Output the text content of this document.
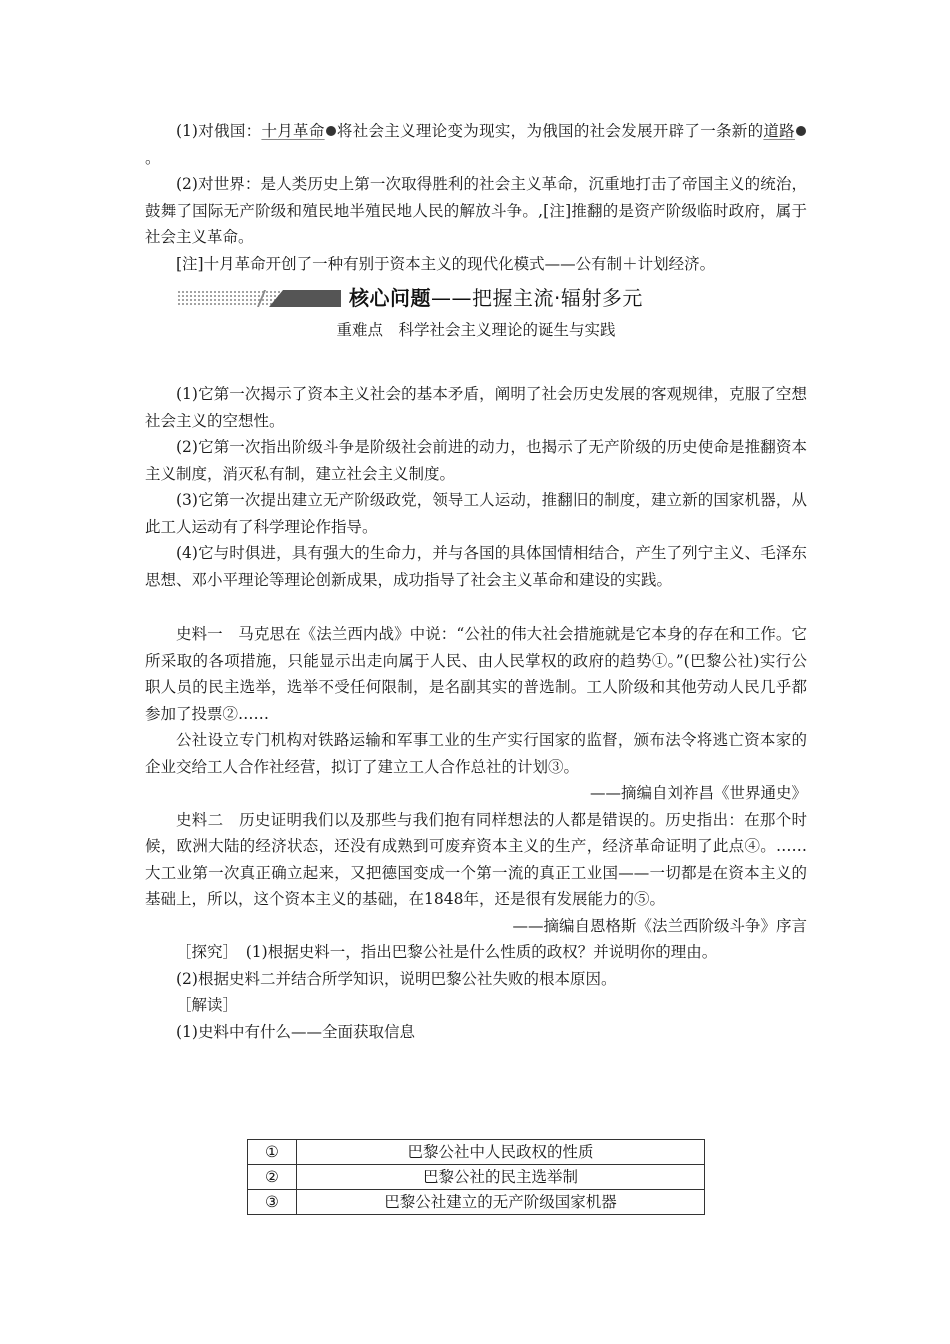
(1)对俄国：十月革命 将社会主义理论变为现实，为俄国的社会发展开辟了一条新的道路。

(2)对世界：是人类历史上第一次取得胜利的社会主义革命，沉重地打击了帝国主义的统治，鼓舞了国际无产阶级和殖民地半殖民地人民的解放斗争。,[注]推翻的是资产阶级临时政府，属于社会主义革命。

[注]十月革命开创了一种有别于资本主义的现代化模式——公有制＋计划经济。

核心问题——把握主流·辐射多元

重难点　科学社会主义理论的诞生与实践

(1)它第一次揭示了资本主义社会的基本矛盾，阐明了社会历史发展的客观规律，克服了空想社会主义的空想性。

(2)它第一次指出阶级斗争是阶级社会前进的动力，也揭示了无产阶级的历史使命是推翻资本主义制度，消灭私有制，建立社会主义制度。

(3)它第一次提出建立无产阶级政党，领导工人运动，推翻旧的制度，建立新的国家机器，从此工人运动有了科学理论作指导。

(4)它与时俱进，具有强大的生命力，并与各国的具体国情相结合，产生了列宁主义、毛泽东思想、邓小平理论等理论创新成果，成功指导了社会主义革命和建设的实践。

史料一　马克思在《法兰西内战》中说：“公社的伟大社会措施就是它本身的存在和工作。它所采取的各项措施，只能显示出走向属于人民、由人民掌权的政府的趋势①。”(巴黎公社)实行公职人员的民主选举，选举不受任何限制，是名副其实的普选制。工人阶级和其他劳动人民几乎都参加了投票②……

公社设立专门机构对铁路运输和军事工业的生产实行国家的监督，颁布法令将逃亡资本家的企业交给工人合作社经营，拟订了建立工人合作总社的计划③。

——摘编自刘祚昌《世界通史》

史料二　历史证明我们以及那些与我们抱有同样想法的人都是错误的。历史指出：在那个时候，欧洲大陆的经济状态，还没有成熟到可废弃资本主义的生产，经济革命证明了此点④。……大工业第一次真正确立起来，又把德国变成一个第一流的真正工业国——一切都是在资本主义的基础上，所以，这个资本主义的基础，在1848年，还是很有发展能力的⑤。

——摘编自恩格斯《法兰西阶级斗争》序言

［探究］　(1)根据史料一，指出巴黎公社是什么性质的政权？并说明你的理由。

(2)根据史料二并结合所学知识，说明巴黎公社失败的根本原因。

［解读］

(1)史料中有什么——全面获取信息

①	巴黎公社中人民政权的性质
②	巴黎公社的民主选举制
③	巴黎公社建立的无产阶级国家机器
